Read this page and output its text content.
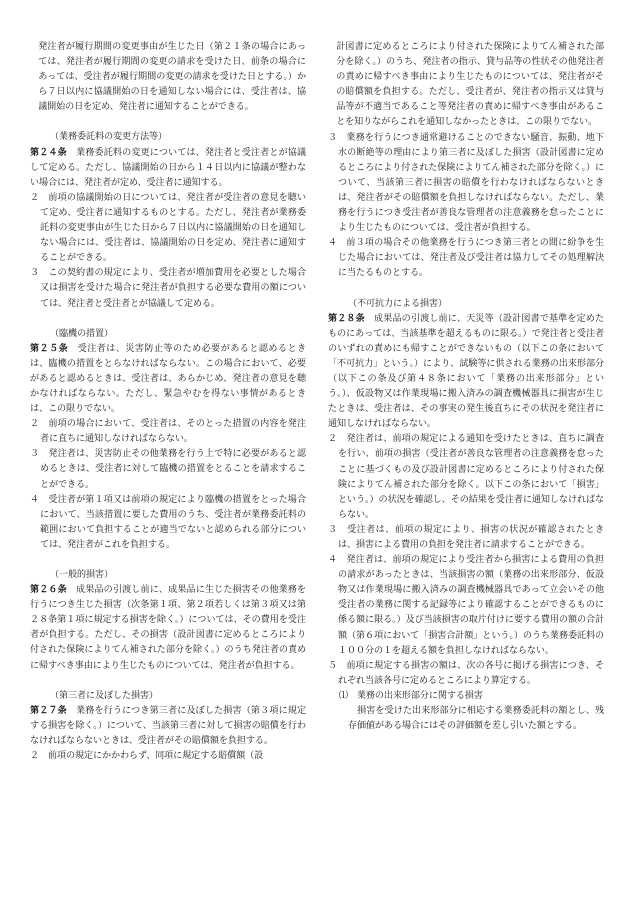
発注者が履行期間の変更事由が生じた日（第２１条の場合にあっては、発注者が履行期間の変更の請求を受けた日、前条の場合にあっては、受注者が履行期間の変更の請求を受けた日とする。）から７日以内に協議開始の日を通知しない場合には、受注者は、協議開始の日を定め、発注者に通知することができる。

（業務委託料の変更方法等）

第２４条　 業務委託料の変更については、発注者と受注者とが協議して定める。ただし、協議開始の日から１４日以内に協議が整わない場合には、発注者が定め、受注者に通知する。

２　前項の協議開始の日については、発注者が受注者の意見を聴いて定め、受注者に通知するものとする。ただし、発注者が業務委託料の変更事由が生じた日から７日以内に協議開始の日を通知しない場合には、受注者は、協議開始の日を定め、発注者に通知することができる。

３　この契約書の規定により、受注者が増加費用を必要とした場合又は損害を受けた場合に発注者が負担する必要な費用の額については、発注者と受注者とが協議して定める。

（臨機の措置）

第２５条　 受注者は、災害防止等のため必要があると認めるときは、臨機の措置をとらなければならない。この場合において、必要があると認めるときは、受注者は、あらかじめ、発注者の意見を聴かなければならない。ただし、緊急やむを得ない事情があるときは、この限りでない。

２　前項の場合において、受注者は、そのとった措置の内容を発注者に直ちに通知しなければならない。

３　発注者は、災害防止その他業務を行う上で特に必要があると認めるときは、受注者に対して臨機の措置をとることを請求することができる。

４　受注者が第１項又は前項の規定により臨機の措置をとった場合において、当該措置に要した費用のうち、受注者が業務委託料の範囲において負担することが適当でないと認められる部分については、発注者がこれを負担する。

（一般的損害）

第２６条　 成果品の引渡し前に、成果品に生じた損害その他業務を行うにつき生じた損害（次条第１項、第２項若しくは第３項又は第２８条第１項に規定する損害を除く。）については、その費用を受注者が負担する。ただし、その損害（設計図書に定めるところにより付された保険によりてん補された部分を除く。）のうち発注者の責めに帰すべき事由により生じたものについては、発注者が負担する。

（第三者に及ぼした損害）

第２７条　 業務を行うにつき第三者に及ぼした損害（第３項に規定する損害を除く。）について、当該第三者に対して損害の賠償を行わなければならないときは、受注者がその賠償額を負担する。

２　前項の規定にかかわらず、同項に規定する賠償額（設

計図書に定めるところにより付された保険によりてん補された部分を除く。）のうち、発注者の指示、貸与品等の性状その他発注者の責めに帰すべき事由により生じたものについては、発注者がその賠償額を負担する。ただし、受注者が、発注者の指示又は貸与品等が不適当であること等発注者の責めに帰すべき事由があることを知りながらこれを通知しなかったときは、この限りでない。

３　業務を行うにつき通常避けることのできない騒音、振動、地下水の断絶等の理由により第三者に及ぼした損害（設計図書に定めるところにより付された保険によりてん補された部分を除く。）について、当該第三者に損害の賠償を行わなければならないときは、発注者がその賠償額を負担しなければならない。ただし、業務を行うにつき受注者が善良な管理者の注意義務を怠ったことにより生じたものについては、受注者が負担する。

４　前３項の場合その他業務を行うにつき第三者との間に紛争を生じた場合においては、発注者及び受注者は協力してその処理解決に当たるものとする。

（不可抗力による損害）

第２８条　 成果品の引渡し前に、天災等（設計図書で基準を定めたものにあっては、当該基準を超えるものに限る。）で発注者と受注者のいずれの責めにも帰すことができないもの（以下この条において「不可抗力」という。）により、試験等に供される業務の出来形部分（以下この条及び第４８条において「業務の出来形部分」という。）、仮設物又は作業現場に搬入済みの調査機械器具に損害が生じたときは、受注者は、その事実の発生後直ちにその状況を発注者に通知しなければならない。

２　発注者は、前項の規定による通知を受けたときは、直ちに調査を行い、前項の損害（受注者が善良な管理者の注意義務を怠ったことに基づくもの及び設計図書に定めるところにより付された保険によりてん補された部分を除く。以下この条において「損害」という。）の状況を確認し、その結果を受注者に通知しなければならない。

３　受注者は、前項の規定により、損害の状況が確認されたときは、損害による費用の負担を発注者に請求することができる。

４　発注者は、前項の規定により受注者から損害による費用の負担の請求があったときは、当該損害の額（業務の出来形部分、仮設物又は作業現場に搬入済みの調査機械器具であって立会いその他受注者の業務に関する記録等により確認することができるものに係る額に限る。）及び当該損害の取片付けに要する費用の額の合計額（第６項において「損害合計額」という。）のうち業務委託料の１００分の１を超える額を負担しなければならない。

５　前項に規定する損害の額は、次の各号に掲げる損害につき、それぞれ当該各号に定めるところにより算定する。

⑴　業務の出来形部分に関する損害

損害を受けた出来形部分に相応する業務委託料の額とし、残存価値がある場合にはその評価額を差し引いた額とする。
